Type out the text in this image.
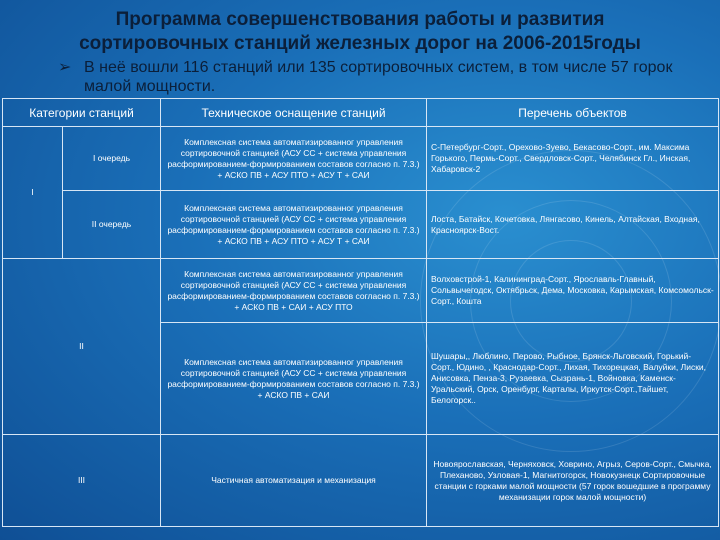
Программа совершенствования работы и развития
сортировочных станций железных дорог на 2006-2015годы
➢ В неё вошли 116 станций или 135 сортировочных систем, в том числе 57 горок малой мощности.
Категории станций		Техническое оснащение станций	Перечень объектов
I	I очередь	Комплексная система автоматизированног управления сортировочной станцией (АСУ СС + система управления расформированием-формированием составов согласно п. 7.3.) + АСКО ПВ + АСУ ПТО + АСУ Т + САИ	С-Петербург-Сорт., Орехово-Зуево, Бекасово-Сорт., им. Максима Горького, Пермь-Сорт., Свердловск-Сорт., Челябинск Гл., Инская, Хабаровск-2
	II очередь	Комплексная система автоматизированног управления сортировочной станцией (АСУ СС + система управления расформированием-формированием составов согласно п. 7.3.) + АСКО ПВ + АСУ ПТО + АСУ Т + САИ	Лоста, Батайск, Кочетовка, Лянгасово, Кинель, Алтайская, Входная, Красноярск-Вост.
II		Комплексная система автоматизированног управления сортировочной станцией (АСУ СС + система управления расформированием-формированием составов согласно п. 7.3.) + АСКО ПВ + САИ + АСУ ПТО	Волховстрой-1, Калининград-Сорт., Ярославль-Главный, Сольвычегодск, Октябрьск, Дема, Московка, Карымская, Комсомольск-Сорт., Кошта
		Комплексная система автоматизированног управления сортировочной станцией (АСУ СС + система управления расформированием-формированием составов согласно п. 7.3.) + АСКО ПВ + САИ	Шушары,, Люблино, Перово, Рыбное, Брянск-Льговский, Горький-Сорт., Юдино, , Краснодар-Сорт., Лихая, Тихорецкая, Валуйки, Лиски, Анисовка, Пенза-3, Рузаевка, Сызрань-1, Войновка, Каменск-Уральский, Орск, Оренбург, Карталы, Иркутск-Сорт.,Тайшет, Белогорск..
III		Частичная автоматизация и механизация	Новоярославская, Черняховск, Ховрино, Агрыз, Серов-Сорт., Смычка, Плеханово, Узловая-1, Магнитогорск, Новокузнецк Сортировочные станции с горками малой мощности (57 горок вошедшие в программу механизации горок малой мощности)
